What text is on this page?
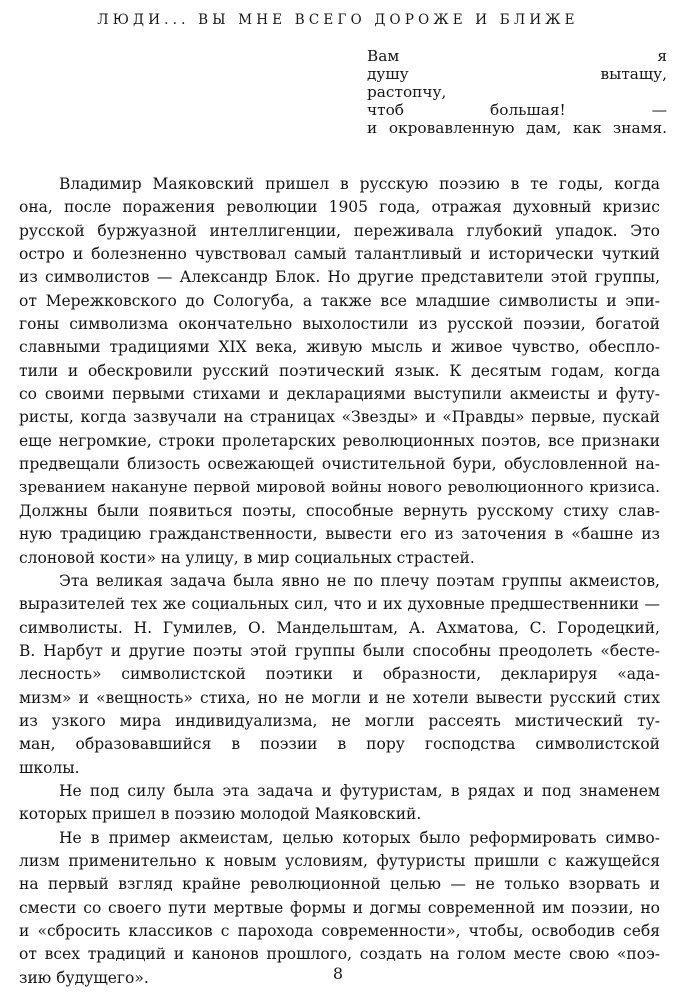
ЛЮДИ... ВЫ МНЕ ВСЕГО ДОРОЖЕ И БЛИЖЕ
Вам я
душу вытащу,
растопчу,
чтоб большая! —
и окровавленную дам, как знамя.
Владимир Маяковский пришел в русскую поэзию в те годы, когда
она, после поражения революции 1905 года, отражая духовный кризис
русской буржуазной интеллигенции, переживала глубокий упадок. Это
остро и болезненно чувствовал самый талантливый и исторически чуткий
из символистов — Александр Блок. Но другие представители этой группы,
от Мережковского до Сологуба, а также все младшие символисты и эпи-
гоны символизма окончательно выхолостили из русской поэзии, богатой
славными традициями XIX века, живую мысль и живое чувство, обеспло-
тили и обескровили русский поэтический язык. К десятым годам, когда
со своими первыми стихами и декларациями выступили акмеисты и футу-
ристы, когда зазвучали на страницах «Звезды» и «Правды» первые, пускай
еще негромкие, строки пролетарских революционных поэтов, все признаки
предвещали близость освежающей очистительной бури, обусловленной на-
зреванием накануне первой мировой войны нового революционного кризиса.
Должны были появиться поэты, способные вернуть русскому стиху слав-
ную традицию гражданственности, вывести его из заточения в «башне из
слоновой кости» на улицу, в мир социальных страстей.
Эта великая задача была явно не по плечу поэтам группы акмеистов,
выразителей тех же социальных сил, что и их духовные предшественники —
символисты. Н. Гумилев, О. Мандельштам, А. Ахматова, С. Городецкий,
В. Нарбут и другие поэты этой группы были способны преодолеть «бесте-
лесность» символистской поэтики и образности, декларируя «ада-
мизм» и «вещность» стиха, но не могли и не хотели вывести русский стих
из узкого мира индивидуализма, не могли рассеять мистический ту-
ман, образовавшийся в поэзии в пору господства символистской
школы.
Не под силу была эта задача и футуристам, в рядах и под знаменем
которых пришел в поэзию молодой Маяковский.
Не в пример акмеистам, целью которых было реформировать симво-
лизм применительно к новым условиям, футуристы пришли с кажущейся
на первый взгляд крайне революционной целью — не только взорвать и
смести со своего пути мертвые формы и догмы современной им поэзии, но
и «сбросить классиков с парохода современности», чтобы, освободив себя
от всех традиций и канонов прошлого, создать на голом месте свою «поэ-
зию будущего».	8
